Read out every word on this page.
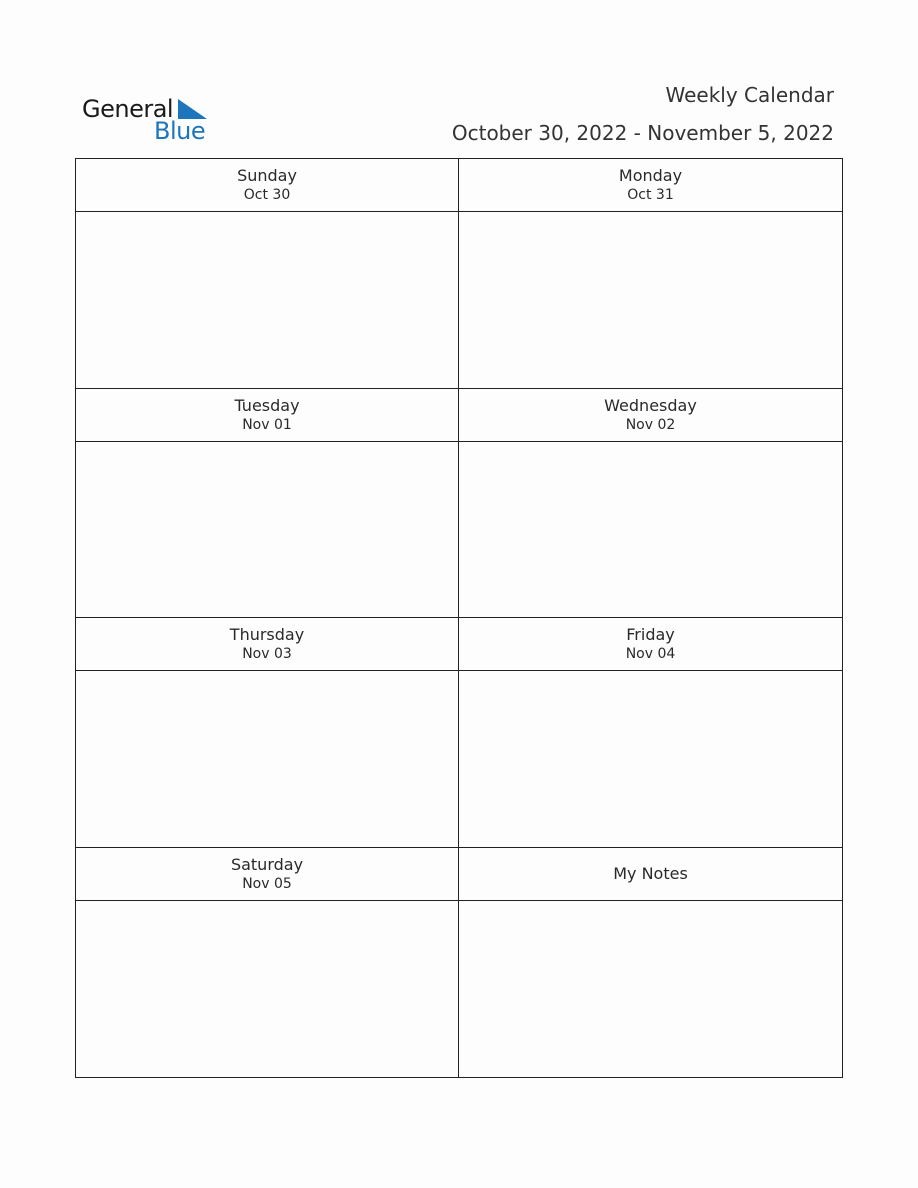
General
Blue
Weekly Calendar
October 30, 2022 - November 5, 2022
Sunday
Oct 30
Monday
Oct 31
Tuesday
Nov 01
Wednesday
Nov 02
Thursday
Nov 03
Friday
Nov 04
Saturday
Nov 05
My Notes
